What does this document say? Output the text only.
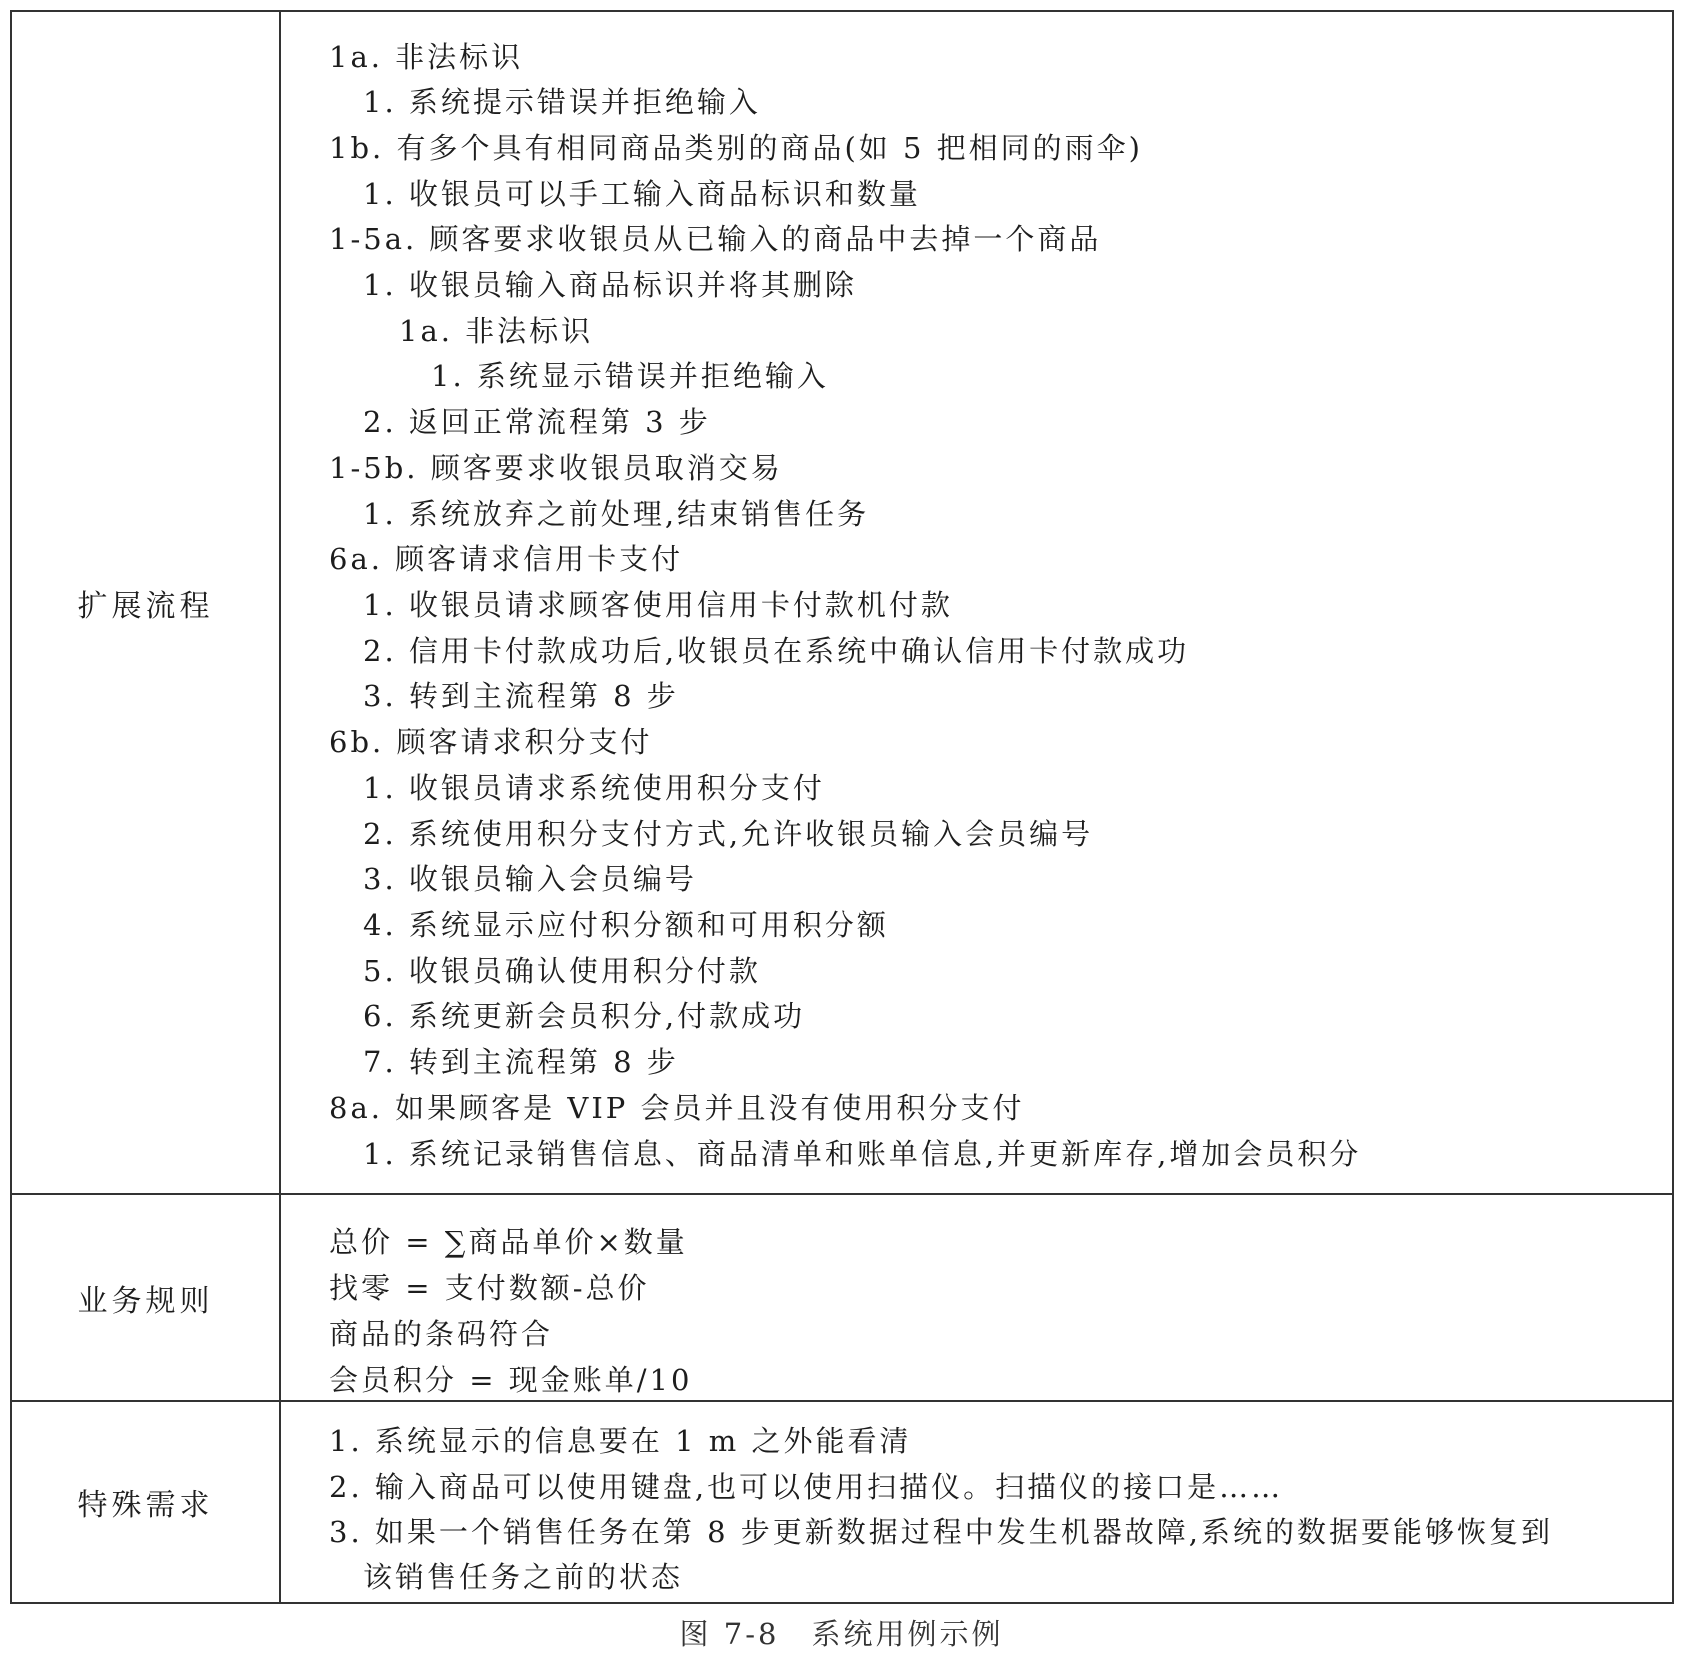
扩展流程
1a. 非法标识
1. 系统提示错误并拒绝输入
1b. 有多个具有相同商品类别的商品(如 5 把相同的雨伞)
1. 收银员可以手工输入商品标识和数量
1-5a. 顾客要求收银员从已输入的商品中去掉一个商品
1. 收银员输入商品标识并将其删除
1a. 非法标识
1. 系统显示错误并拒绝输入
2. 返回正常流程第 3 步
1-5b. 顾客要求收银员取消交易
1. 系统放弃之前处理,结束销售任务
6a. 顾客请求信用卡支付
1. 收银员请求顾客使用信用卡付款机付款
2. 信用卡付款成功后,收银员在系统中确认信用卡付款成功
3. 转到主流程第 8 步
6b. 顾客请求积分支付
1. 收银员请求系统使用积分支付
2. 系统使用积分支付方式,允许收银员输入会员编号
3. 收银员输入会员编号
4. 系统显示应付积分额和可用积分额
5. 收银员确认使用积分付款
6. 系统更新会员积分,付款成功
7. 转到主流程第 8 步
8a. 如果顾客是 VIP 会员并且没有使用积分支付
1. 系统记录销售信息、商品清单和账单信息,并更新库存,增加会员积分
业务规则
总价 = ∑商品单价×数量
找零 = 支付数额-总价
商品的条码符合
会员积分 = 现金账单/10
特殊需求
1. 系统显示的信息要在 1 m 之外能看清
2. 输入商品可以使用键盘,也可以使用扫描仪。扫描仪的接口是……
3. 如果一个销售任务在第 8 步更新数据过程中发生机器故障,系统的数据要能够恢复到
该销售任务之前的状态
图 7-8　系统用例示例
